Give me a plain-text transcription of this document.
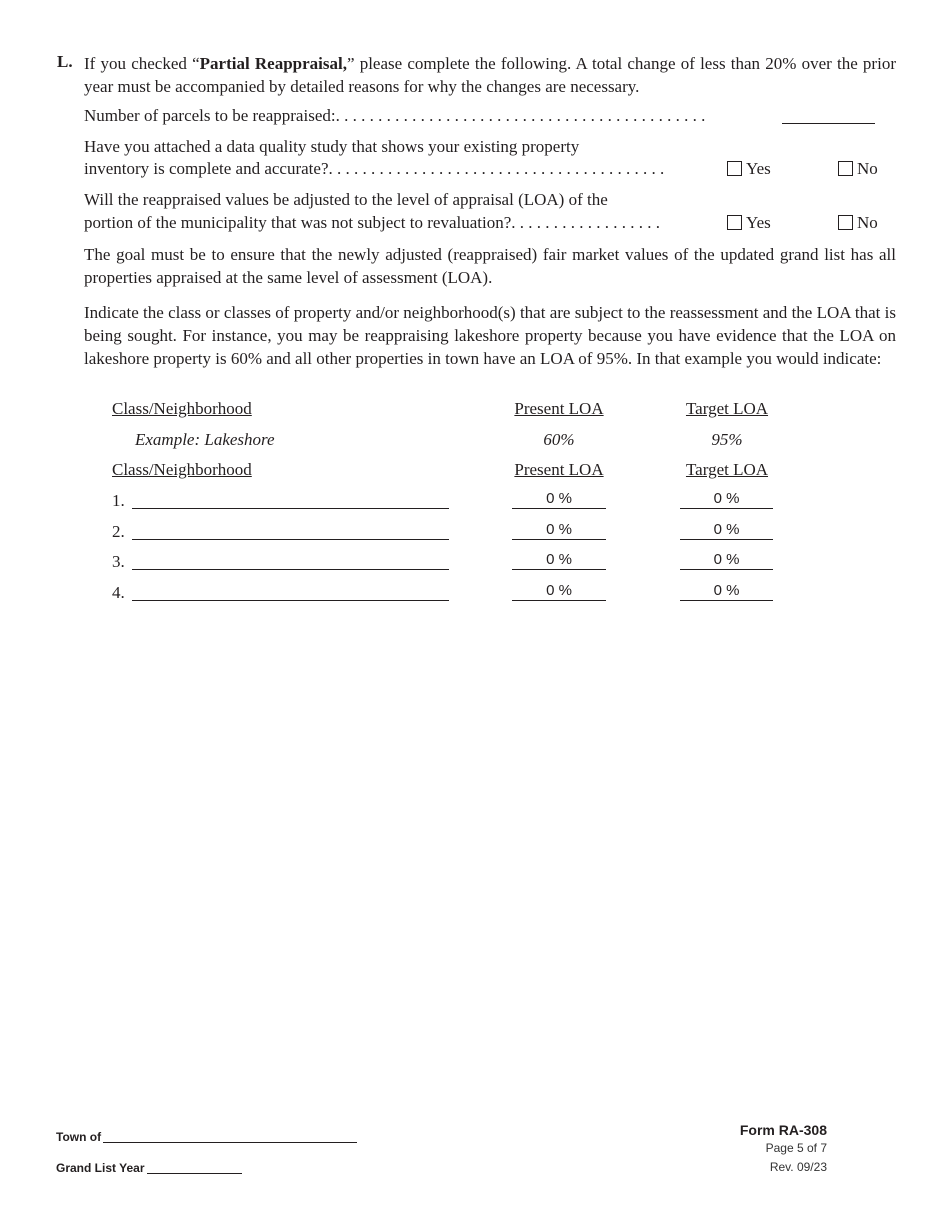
L. If you checked “Partial Reappraisal,” please complete the following. A total change of less than 20% over the prior year must be accompanied by detailed reasons for why the changes are necessary.
Number of parcels to be reappraised:. . . . . . . . . . . . . . . . . . . . . . . . . . . . . . . . . . . . . . . . . . . .
Have you attached a data quality study that shows your existing property
inventory is complete and accurate?. . . . . . . . . . . . . . . . . . . . . . . . . . . . . . . . . . . . . . . .	Yes	No
Will the reappraised values be adjusted to the level of appraisal (LOA) of the
portion of the municipality that was not subject to revaluation?. . . . . . . . . . . . . . . . . .	Yes	No
The goal must be to ensure that the newly adjusted (reappraised) fair market values of the updated grand list has all properties appraised at the same level of assessment (LOA).
Indicate the class or classes of property and/or neighborhood(s) that are subject to the reassessment and the LOA that is being sought. For instance, you may be reappraising lakeshore property because you have evidence that the LOA on lakeshore property is 60% and all other properties in town have an LOA of 95%. In that example you would indicate:
Class/Neighborhood	Present LOA	Target LOA
Example: Lakeshore	60%	95%
Class/Neighborhood	Present LOA	Target LOA
1.	0 %	0 %
2.	0 %	0 %
3.	0 %	0 %
4.	0 %	0 %
Town of
Grand List Year
Form RA-308
Page 5 of 7
Rev. 09/23
